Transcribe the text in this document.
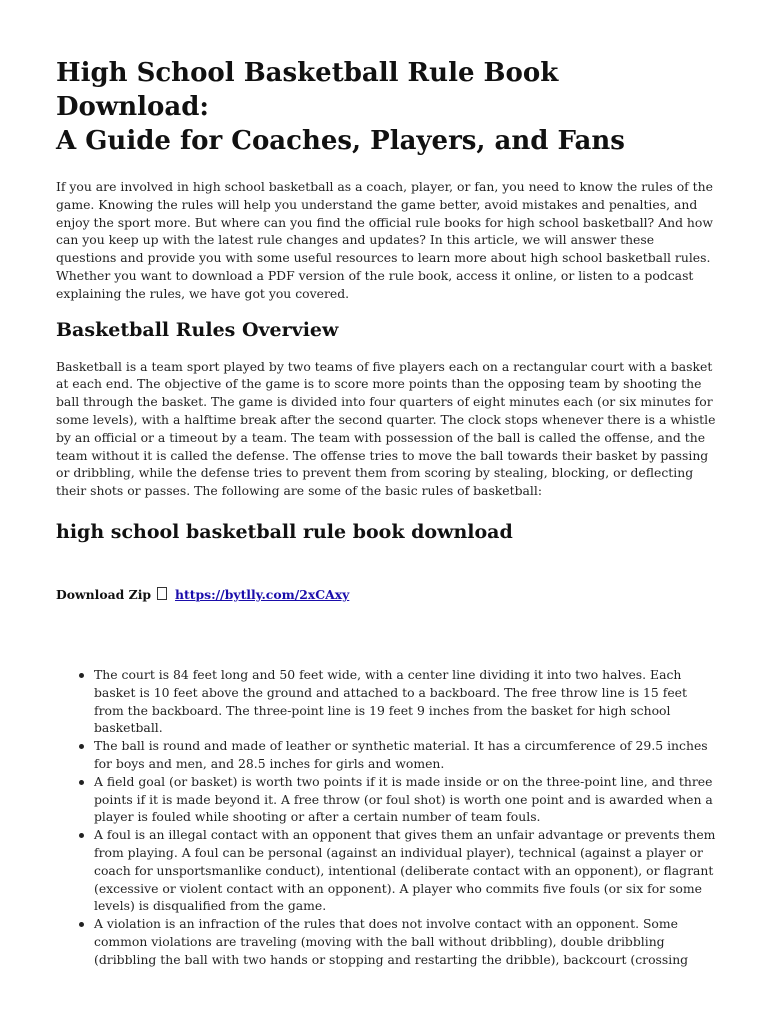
High School Basketball Rule Book Download:
A Guide for Coaches, Players, and Fans

If you are involved in high school basketball as a coach, player, or fan, you need to know the rules of the game. Knowing the rules will help you understand the game better, avoid mistakes and penalties, and enjoy the sport more. But where can you find the official rule books for high school basketball? And how can you keep up with the latest rule changes and updates? In this article, we will answer these questions and provide you with some useful resources to learn more about high school basketball rules. Whether you want to download a PDF version of the rule book, access it online, or listen to a podcast explaining the rules, we have got you covered.

Basketball Rules Overview

Basketball is a team sport played by two teams of five players each on a rectangular court with a basket at each end. The objective of the game is to score more points than the opposing team by shooting the ball through the basket. The game is divided into four quarters of eight minutes each (or six minutes for some levels), with a halftime break after the second quarter. The clock stops whenever there is a whistle by an official or a timeout by a team. The team with possession of the ball is called the offense, and the team without it is called the defense. The offense tries to move the ball towards their basket by passing or dribbling, while the defense tries to prevent them from scoring by stealing, blocking, or deflecting their shots or passes. The following are some of the basic rules of basketball:

high school basketball rule book download
Download Zip https://bytlly.com/2xCAxy
The court is 84 feet long and 50 feet wide, with a center line dividing it into two halves. Each basket is 10 feet above the ground and attached to a backboard. The free throw line is 15 feet from the backboard. The three-point line is 19 feet 9 inches from the basket for high school basketball.
The ball is round and made of leather or synthetic material. It has a circumference of 29.5 inches for boys and men, and 28.5 inches for girls and women.
A field goal (or basket) is worth two points if it is made inside or on the three-point line, and three points if it is made beyond it. A free throw (or foul shot) is worth one point and is awarded when a player is fouled while shooting or after a certain number of team fouls.
A foul is an illegal contact with an opponent that gives them an unfair advantage or prevents them from playing. A foul can be personal (against an individual player), technical (against a player or coach for unsportsmanlike conduct), intentional (deliberate contact with an opponent), or flagrant (excessive or violent contact with an opponent). A player who commits five fouls (or six for some levels) is disqualified from the game.
A violation is an infraction of the rules that does not involve contact with an opponent. Some common violations are traveling (moving with the ball without dribbling), double dribbling (dribbling the ball with two hands or stopping and restarting the dribble), backcourt (crossing
